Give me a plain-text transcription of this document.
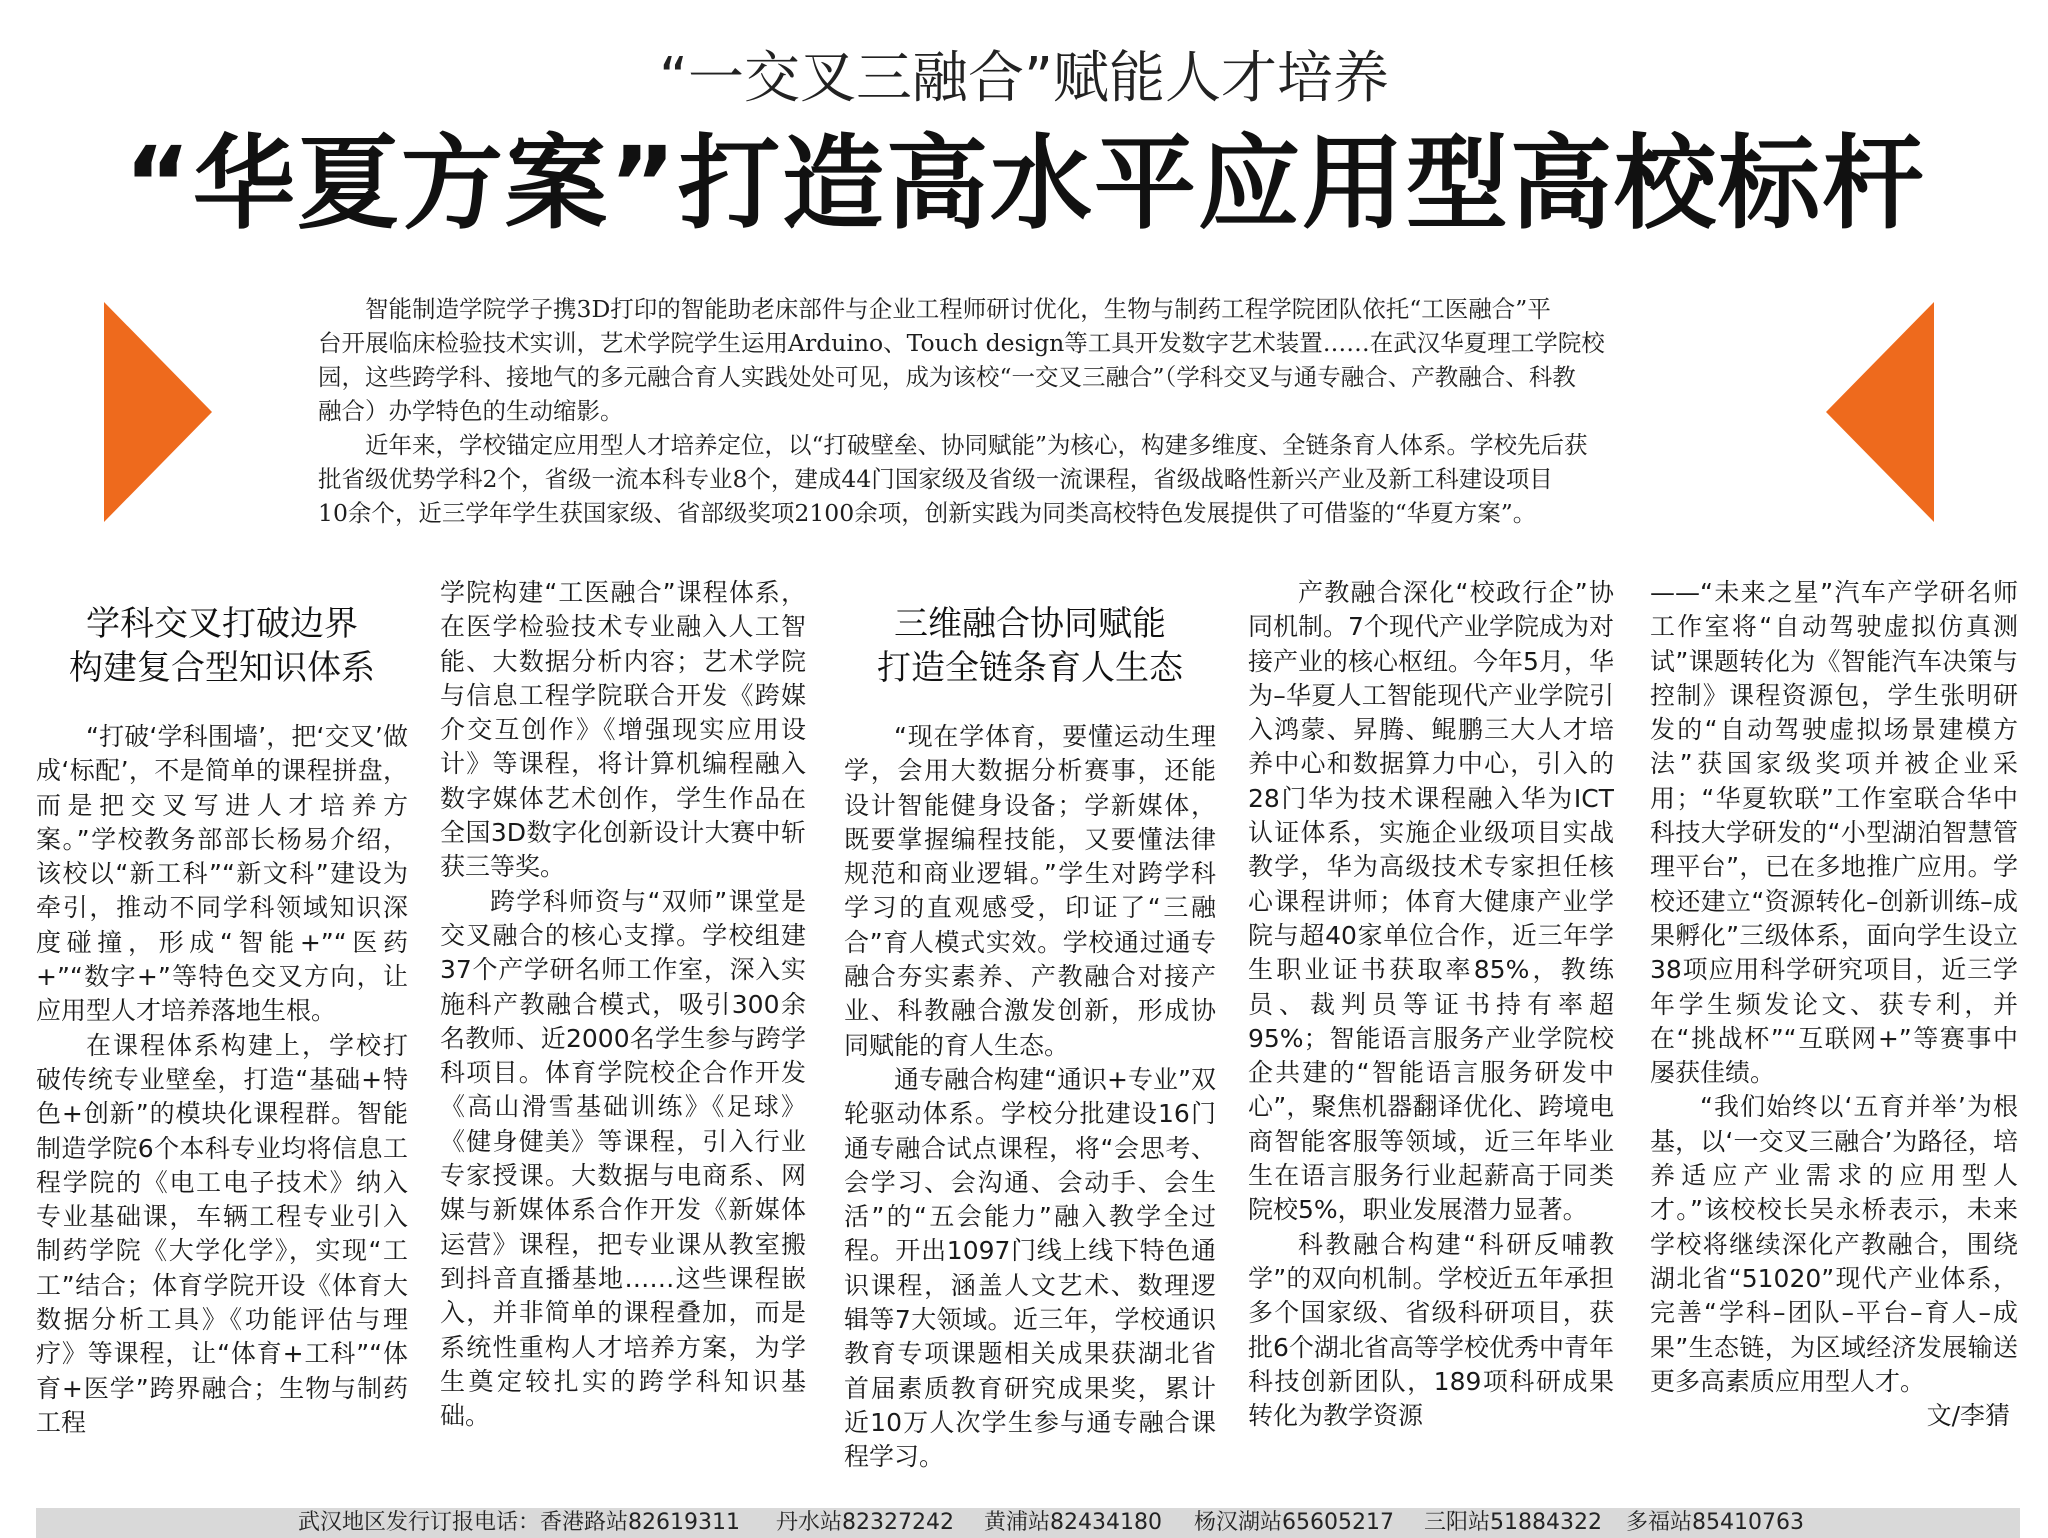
“一交叉三融合”赋能人才培养
“华夏方案”打造高水平应用型高校标杆

智能制造学院学子携3D打印的智能助老床部件与企业工程师研讨优化，生物与制药工程学院团队依托“工医融合”平

台开展临床检验技术实训，艺术学院学生运用Arduino、Touch design等工具开发数字艺术装置……在武汉华夏理工学院校

园，这些跨学科、接地气的多元融合育人实践处处可见，成为该校“一交叉三融合”（学科交叉与通专融合、产教融合、科教

融合）办学特色的生动缩影。

近年来，学校锚定应用型人才培养定位，以“打破壁垒、协同赋能”为核心，构建多维度、全链条育人体系。学校先后获

批省级优势学科2个，省级一流本科专业8个，建成44门国家级及省级一流课程，省级战略性新兴产业及新工科建设项目

10余个，近三学年学生获国家级、省部级奖项2100余项，创新实践为同类高校特色发展提供了可借鉴的“华夏方案”。

学科交叉打破边界
构建复合型知识体系

“打破‘学科围墙’，把‘交叉’做成‘标配’，不是简单的课程拼盘，而是把交叉写进人才培养方案。”学校教务部部长杨易介绍，该校以“新工科”“新文科”建设为牵引，推动不同学科领域知识深度碰撞，形成“智能+”“医药+”“数字+”等特色交叉方向，让应用型人才培养落地生根。

在课程体系构建上，学校打破传统专业壁垒，打造“基础+特色+创新”的模块化课程群。智能制造学院6个本科专业均将信息工程学院的《电工电子技术》纳入专业基础课，车辆工程专业引入制药学院《大学化学》，实现“工工”结合；体育学院开设《体育大数据分析工具》《功能评估与理疗》等课程，让“体育+工科”“体育+医学”跨界融合；生物与制药工程

学院构建“工医融合”课程体系，在医学检验技术专业融入人工智能、大数据分析内容；艺术学院与信息工程学院联合开发《跨媒介交互创作》《增强现实应用设计》等课程，将计算机编程融入数字媒体艺术创作，学生作品在全国3D数字化创新设计大赛中斩获三等奖。

跨学科师资与“双师”课堂是交叉融合的核心支撑。学校组建37个产学研名师工作室，深入实施科产教融合模式，吸引300余名教师、近2000名学生参与跨学科项目。体育学院校企合作开发《高山滑雪基础训练》《足球》《健身健美》等课程，引入行业专家授课。大数据与电商系、网媒与新媒体系合作开发《新媒体运营》课程，把专业课从教室搬到抖音直播基地……这些课程嵌入，并非简单的课程叠加，而是系统性重构人才培养方案，为学生奠定较扎实的跨学科知识基础。

三维融合协同赋能
打造全链条育人生态

“现在学体育，要懂运动生理学，会用大数据分析赛事，还能设计智能健身设备；学新媒体，既要掌握编程技能，又要懂法律规范和商业逻辑。”学生对跨学科学习的直观感受，印证了“三融合”育人模式实效。学校通过通专融合夯实素养、产教融合对接产业、科教融合激发创新，形成协同赋能的育人生态。

通专融合构建“通识+专业”双轮驱动体系。学校分批建设16门通专融合试点课程，将“会思考、会学习、会沟通、会动手、会生活”的“五会能力”融入教学全过程。开出1097门线上线下特色通识课程，涵盖人文艺术、数理逻辑等7大领域。近三年，学校通识教育专项课题相关成果获湖北省首届素质教育研究成果奖，累计近10万人次学生参与通专融合课程学习。

产教融合深化“校政行企”协同机制。7个现代产业学院成为对接产业的核心枢纽。今年5月，华为–华夏人工智能现代产业学院引入鸿蒙、昇腾、鲲鹏三大人才培养中心和数据算力中心，引入的28门华为技术课程融入华为ICT认证体系，实施企业级项目实战教学，华为高级技术专家担任核心课程讲师；体育大健康产业学院与超40家单位合作，近三年学生职业证书获取率85%，教练员、裁判员等证书持有率超95%；智能语言服务产业学院校企共建的“智能语言服务研发中心”，聚焦机器翻译优化、跨境电商智能客服等领域，近三年毕业生在语言服务行业起薪高于同类院校5%，职业发展潜力显著。

科教融合构建“科研反哺教学”的双向机制。学校近五年承担多个国家级、省级科研项目，获批6个湖北省高等学校优秀中青年科技创新团队，189项科研成果转化为教学资源

——“未来之星”汽车产学研名师工作室将“自动驾驶虚拟仿真测试”课题转化为《智能汽车决策与控制》课程资源包，学生张明研发的“自动驾驶虚拟场景建模方法”获国家级奖项并被企业采用；“华夏软联”工作室联合华中科技大学研发的“小型湖泊智慧管理平台”，已在多地推广应用。学校还建立“资源转化–创新训练–成果孵化”三级体系，面向学生设立38项应用科学研究项目，近三学年学生频发论文、获专利，并在“挑战杯”“互联网+”等赛事中屡获佳绩。

“我们始终以‘五育并举’为根基，以‘一交叉三融合’为路径，培养适应产业需求的应用型人才。”该校校长吴永桥表示，未来学校将继续深化产教融合，围绕湖北省“51020”现代产业体系，完善“学科–团队–平台–育人–成果”生态链，为区域经济发展输送更多高素质应用型人才。
文/李猜

武汉地区发行订报电话：香港路站82619311 丹水站82327242 黄浦站82434180 杨汉湖站65605217 三阳站51884322 多福站85410763
